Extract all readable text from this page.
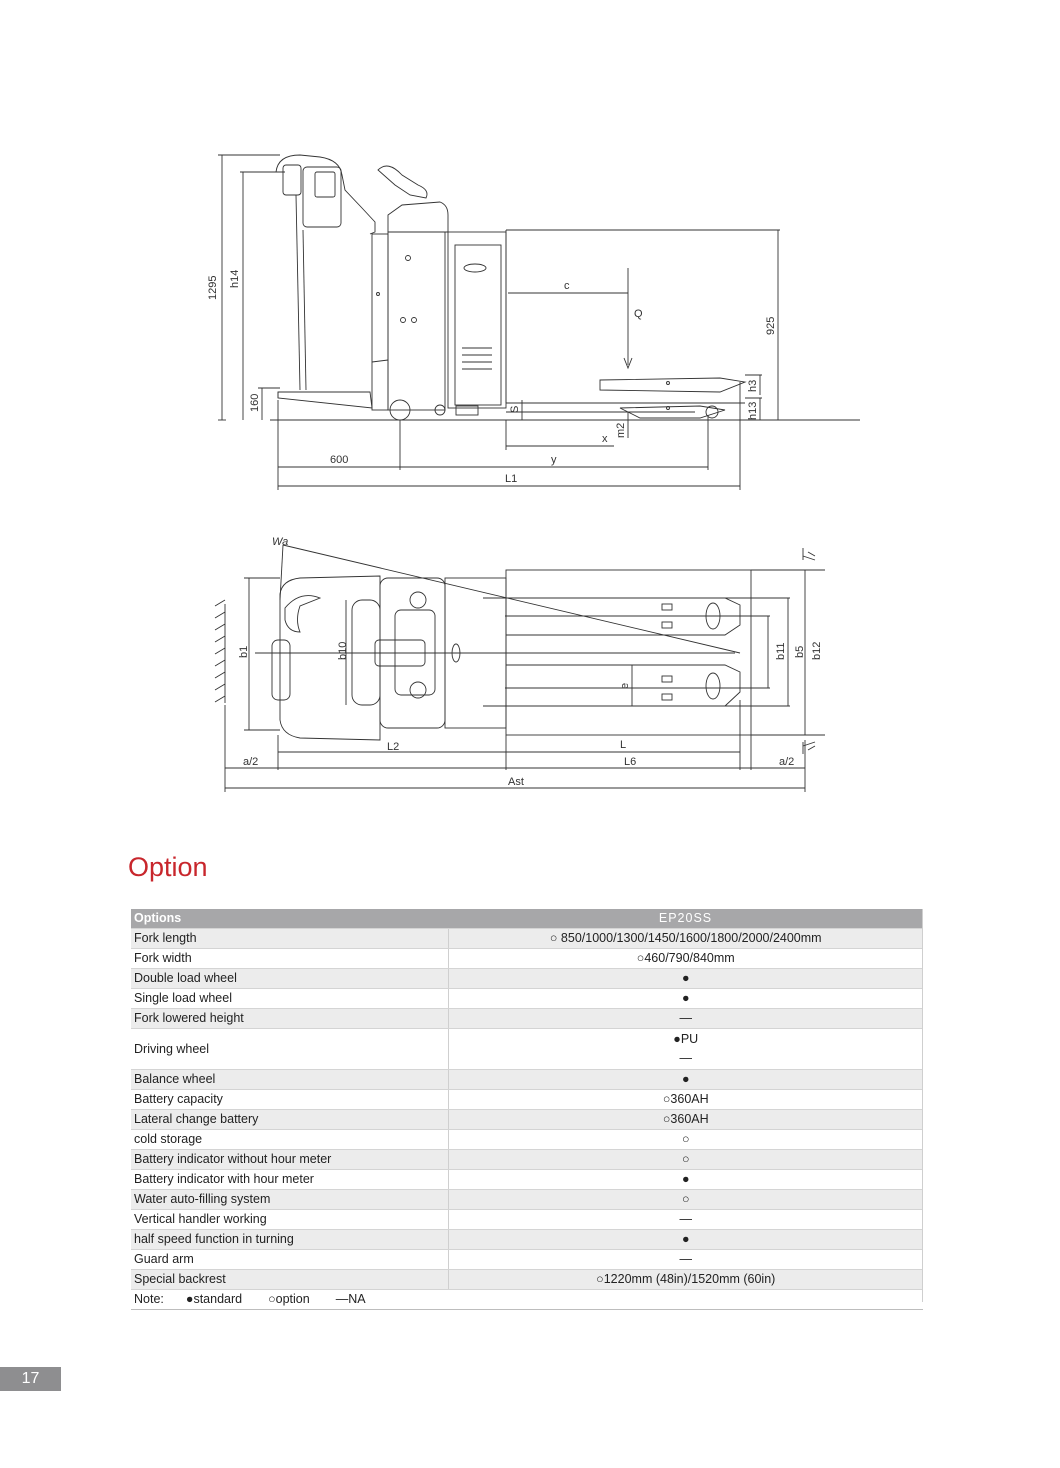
1295 h14
160
c
Q
925
h3
h13
S
x
m2
600	y
L1
Wa
b1	b10
e
b11 b5 b12
L2	L
L6
a/2	a/2
Ast
Option
Options	EP20SS
Fork length	○ 850/1000/1300/1450/1600/1800/2000/2400mm
Fork width	○460/790/840mm
Double load wheel	●
Single load wheel	●
Fork lowered height	—
Driving wheel	●PU
—

Balance wheel	●
Battery capacity	○360AH
Lateral change battery	○360AH
cold storage	○
Battery indicator without hour meter	○
Battery indicator with hour meter	●
Water auto-filling system	○
Vertical handler working	—
half speed function in turning	●
Guard arm	—
Special backrest	○1220mm (48in)/1520mm (60in)
Note: ●standard ○option —NA	
17
